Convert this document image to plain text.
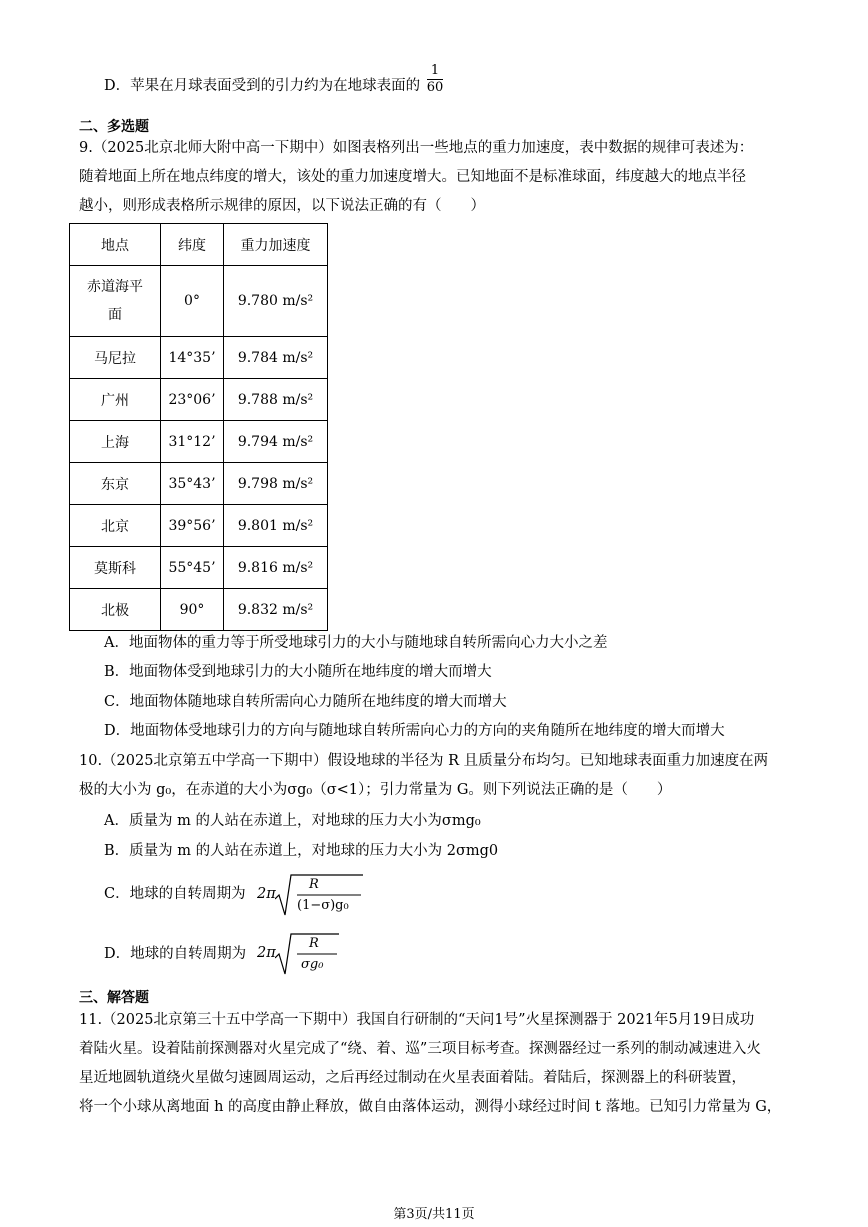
D．苹果在月球表面受到的引力约为在地球表面的 $\frac{1}{60}$
二、多选题
9.（2025北京北师大附中高一下期中）如图表格列出一些地点的重力加速度，表中数据的规律可表述为：
随着地面上所在地点纬度的增大，该处的重力加速度增大。已知地面不是标准球面，纬度越大的地点半径
越小，则形成表格所示规律的原因，以下说法正确的有（　　）
地点	纬度	重力加速度

赤道海平面	0°	9.780 m/s²
马尼拉	14°35’	9.784 m/s²
广州	23°06’	9.788 m/s²
上海	31°12’	9.794 m/s²
东京	35°43’	9.798 m/s²
北京	39°56’	9.801 m/s²
莫斯科	55°45’	9.816 m/s²
北极	90°	9.832 m/s²
A．地面物体的重力等于所受地球引力的大小与随地球自转所需向心力大小之差
B．地面物体受到地球引力的大小随所在地纬度的增大而增大
C．地面物体随地球自转所需向心力随所在地纬度的增大而增大
D．地面物体受地球引力的方向与随地球自转所需向心力的方向的夹角随所在地纬度的增大而增大
10.（2025北京第五中学高一下期中）假设地球的半径为 R 且质量分布均匀。已知地球表面重力加速度在两
极的大小为 g₀，在赤道的大小为σg₀（σ<1）；引力常量为 G。则下列说法正确的是（　　）
A．质量为 m 的人站在赤道上，对地球的压力大小为σmg₀
B．质量为 m 的人站在赤道上，对地球的压力大小为 2σmg0
C．地球的自转周期为 2π
R
(1−σ)g₀
D．地球的自转周期为 2π
R
σg₀
三、解答题
11.（2025北京第三十五中学高一下期中）我国自行研制的“天问1号”火星探测器于 2021年5月19日成功
着陆火星。设着陆前探测器对火星完成了“绕、着、巡”三项目标考查。探测器经过一系列的制动减速进入火
星近地圆轨道绕火星做匀速圆周运动，之后再经过制动在火星表面着陆。着陆后，探测器上的科研装置，
将一个小球从离地面 h 的高度由静止释放，做自由落体运动，测得小球经过时间 t 落地。已知引力常量为 G，
第3页/共11页
